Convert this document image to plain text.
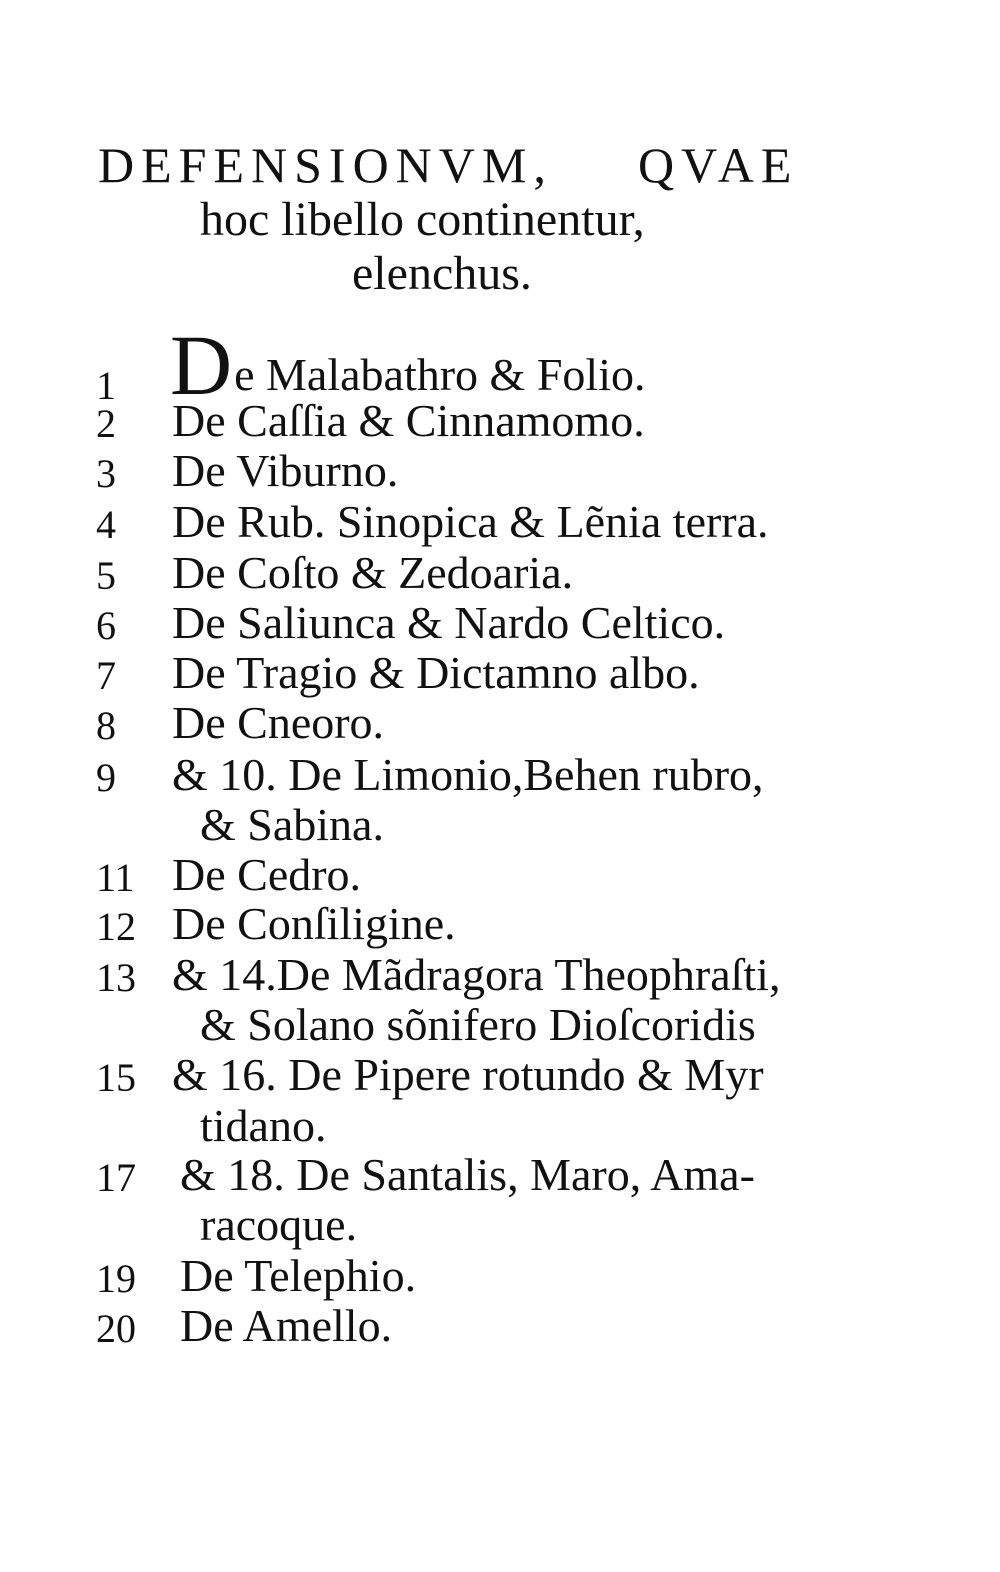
DEFENSIONVM, QVAE
hoc libello continentur,
elenchus.
1 De Malabathro & Folio.
2	De Caſſia & Cinnamomo.
3	De Viburno.
4	De Rub. Sinopica & Lẽnia terra.
5	De Coſto & Zedoaria.
6	De Saliunca & Nardo Celtico.
7	De Tragio & Dictamno albo.
8	De Cneoro.
9	& 10. De Limonio,Behen rubro,
& Sabina.
11 De Cedro.
12 De Conſiligine.
13 & 14.De Mãdragora Theophraſti,
& Solano sõnifero Dioſcoridis
15 & 16. De Pipere rotundo & Myr
tidano.
17 & 18. De Santalis, Maro, Ama-
racoque.
19 De Telephio.
20 De Amello.
